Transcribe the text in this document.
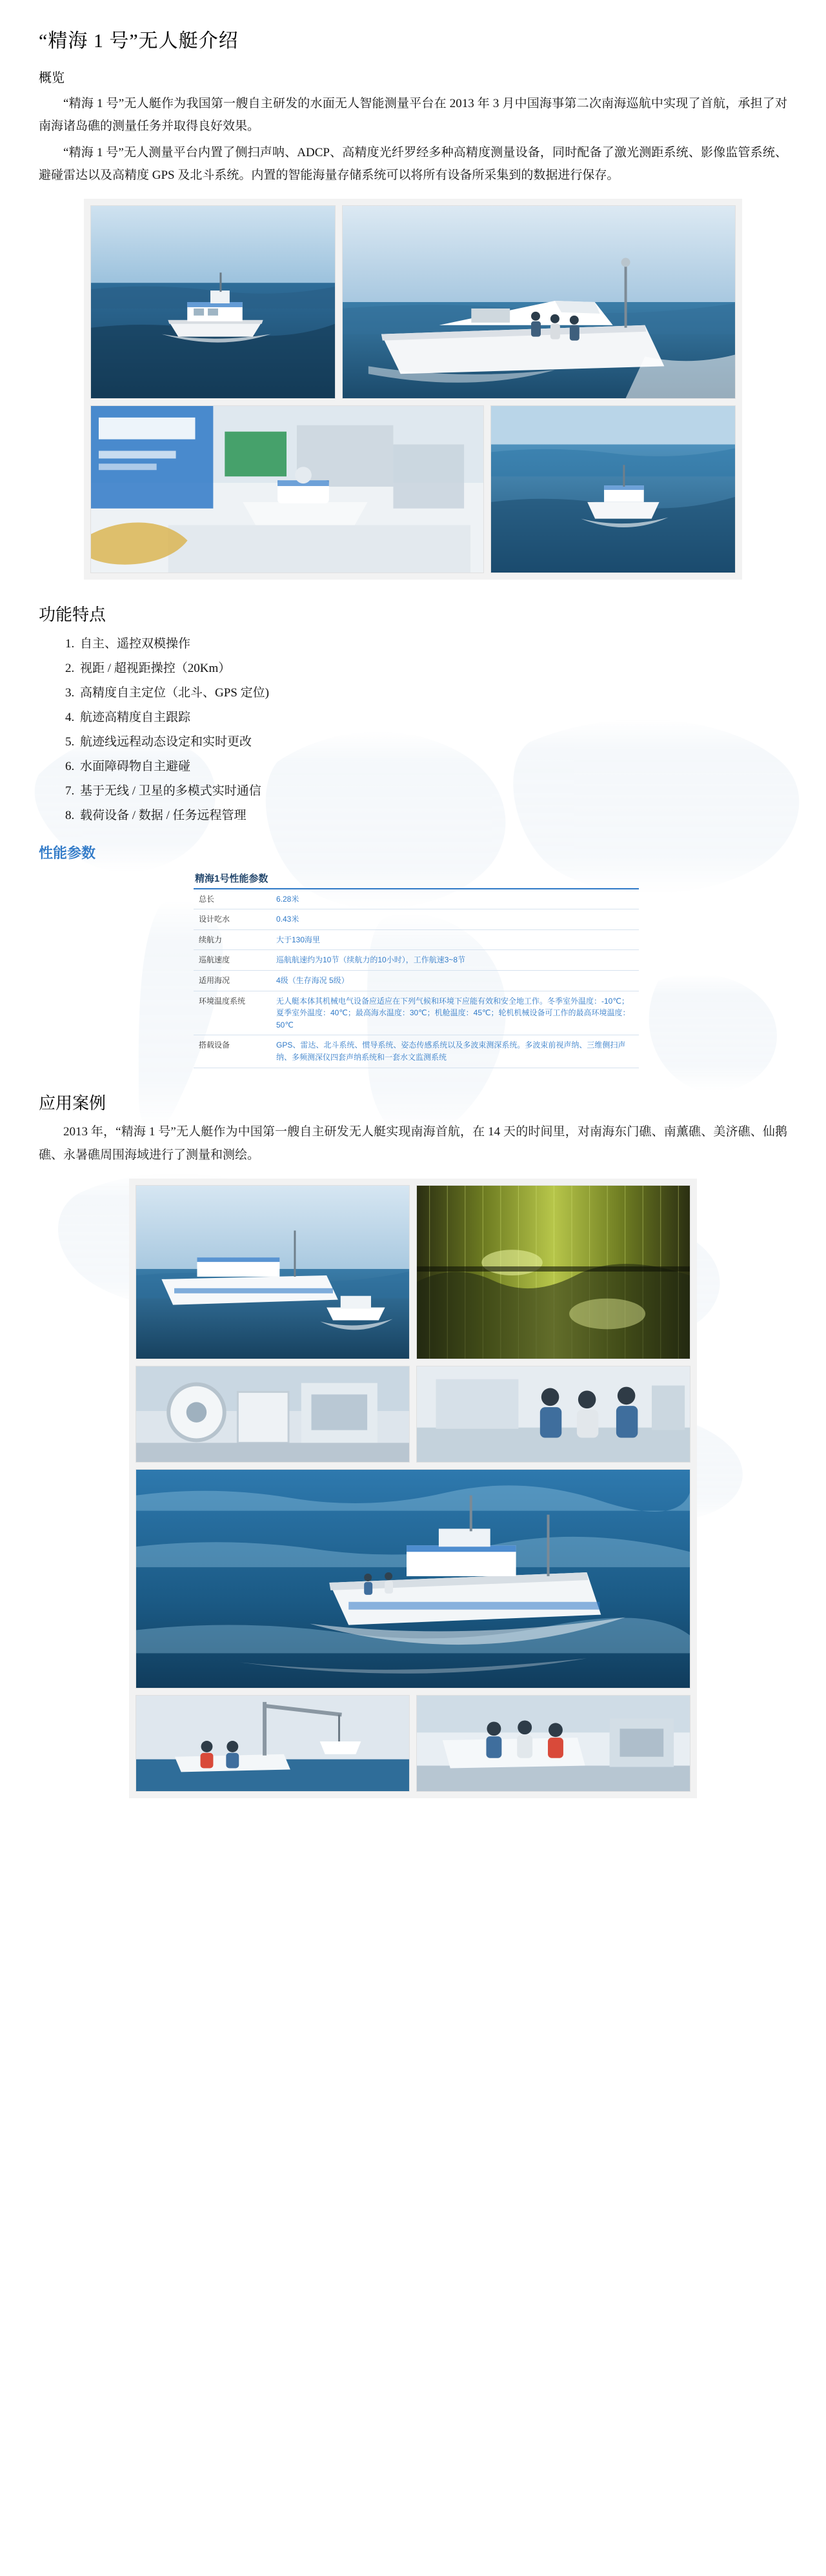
“精海 1 号”无人艇介绍
概览

“精海 1 号”无人艇作为我国第一艘自主研发的水面无人智能测量平台在 2013 年 3 月中国海事第二次南海巡航中实现了首航，承担了对南海诸岛礁的测量任务并取得良好效果。

“精海 1 号”无人测量平台内置了侧扫声呐、ADCP、高精度光纤罗经多种高精度测量设备，同时配备了激光测距系统、影像监管系统、避碰雷达以及高精度 GPS 及北斗系统。内置的智能海量存储系统可以将所有设备所采集到的数据进行保存。

功能特点
1. 自主、遥控双模操作
2. 视距 / 超视距操控（20Km）
3. 高精度自主定位（北斗、GPS 定位)
4. 航迹高精度自主跟踪
5. 航迹线远程动态设定和实时更改
6. 水面障碍物自主避碰
7. 基于无线 / 卫星的多模式实时通信
8. 载荷设备 / 数据 / 任务远程管理
性能参数
精海1号性能参数
总长	6.28米
设计吃水	0.43米
续航力	大于130海里
巡航速度	巡航航速约为10节（续航力的10小时），工作航速3~8节
适用海况	4级（生存海况 5级）
环境温度系统	无人艇本体其机械电气设备应适应在下列气候和环境下应能有效和安全地工作。冬季室外温度：-10℃；夏季室外温度：40℃；最高海水温度：30℃；机舱温度：45℃；轮机机械设备可工作的最高环境温度：50℃
搭载设备	GPS、雷达、北斗系统、惯导系统、姿态传感系统以及多波束测深系统。多波束前视声纳、三维侧扫声纳、多频测深仪四套声纳系统和一套水文监测系统
应用案例

2013 年，“精海 1 号”无人艇作为中国第一艘自主研发无人艇实现南海首航，在 14 天的时间里，对南海东门礁、南薰礁、美济礁、仙鹅礁、永暑礁周围海域进行了测量和测绘。
